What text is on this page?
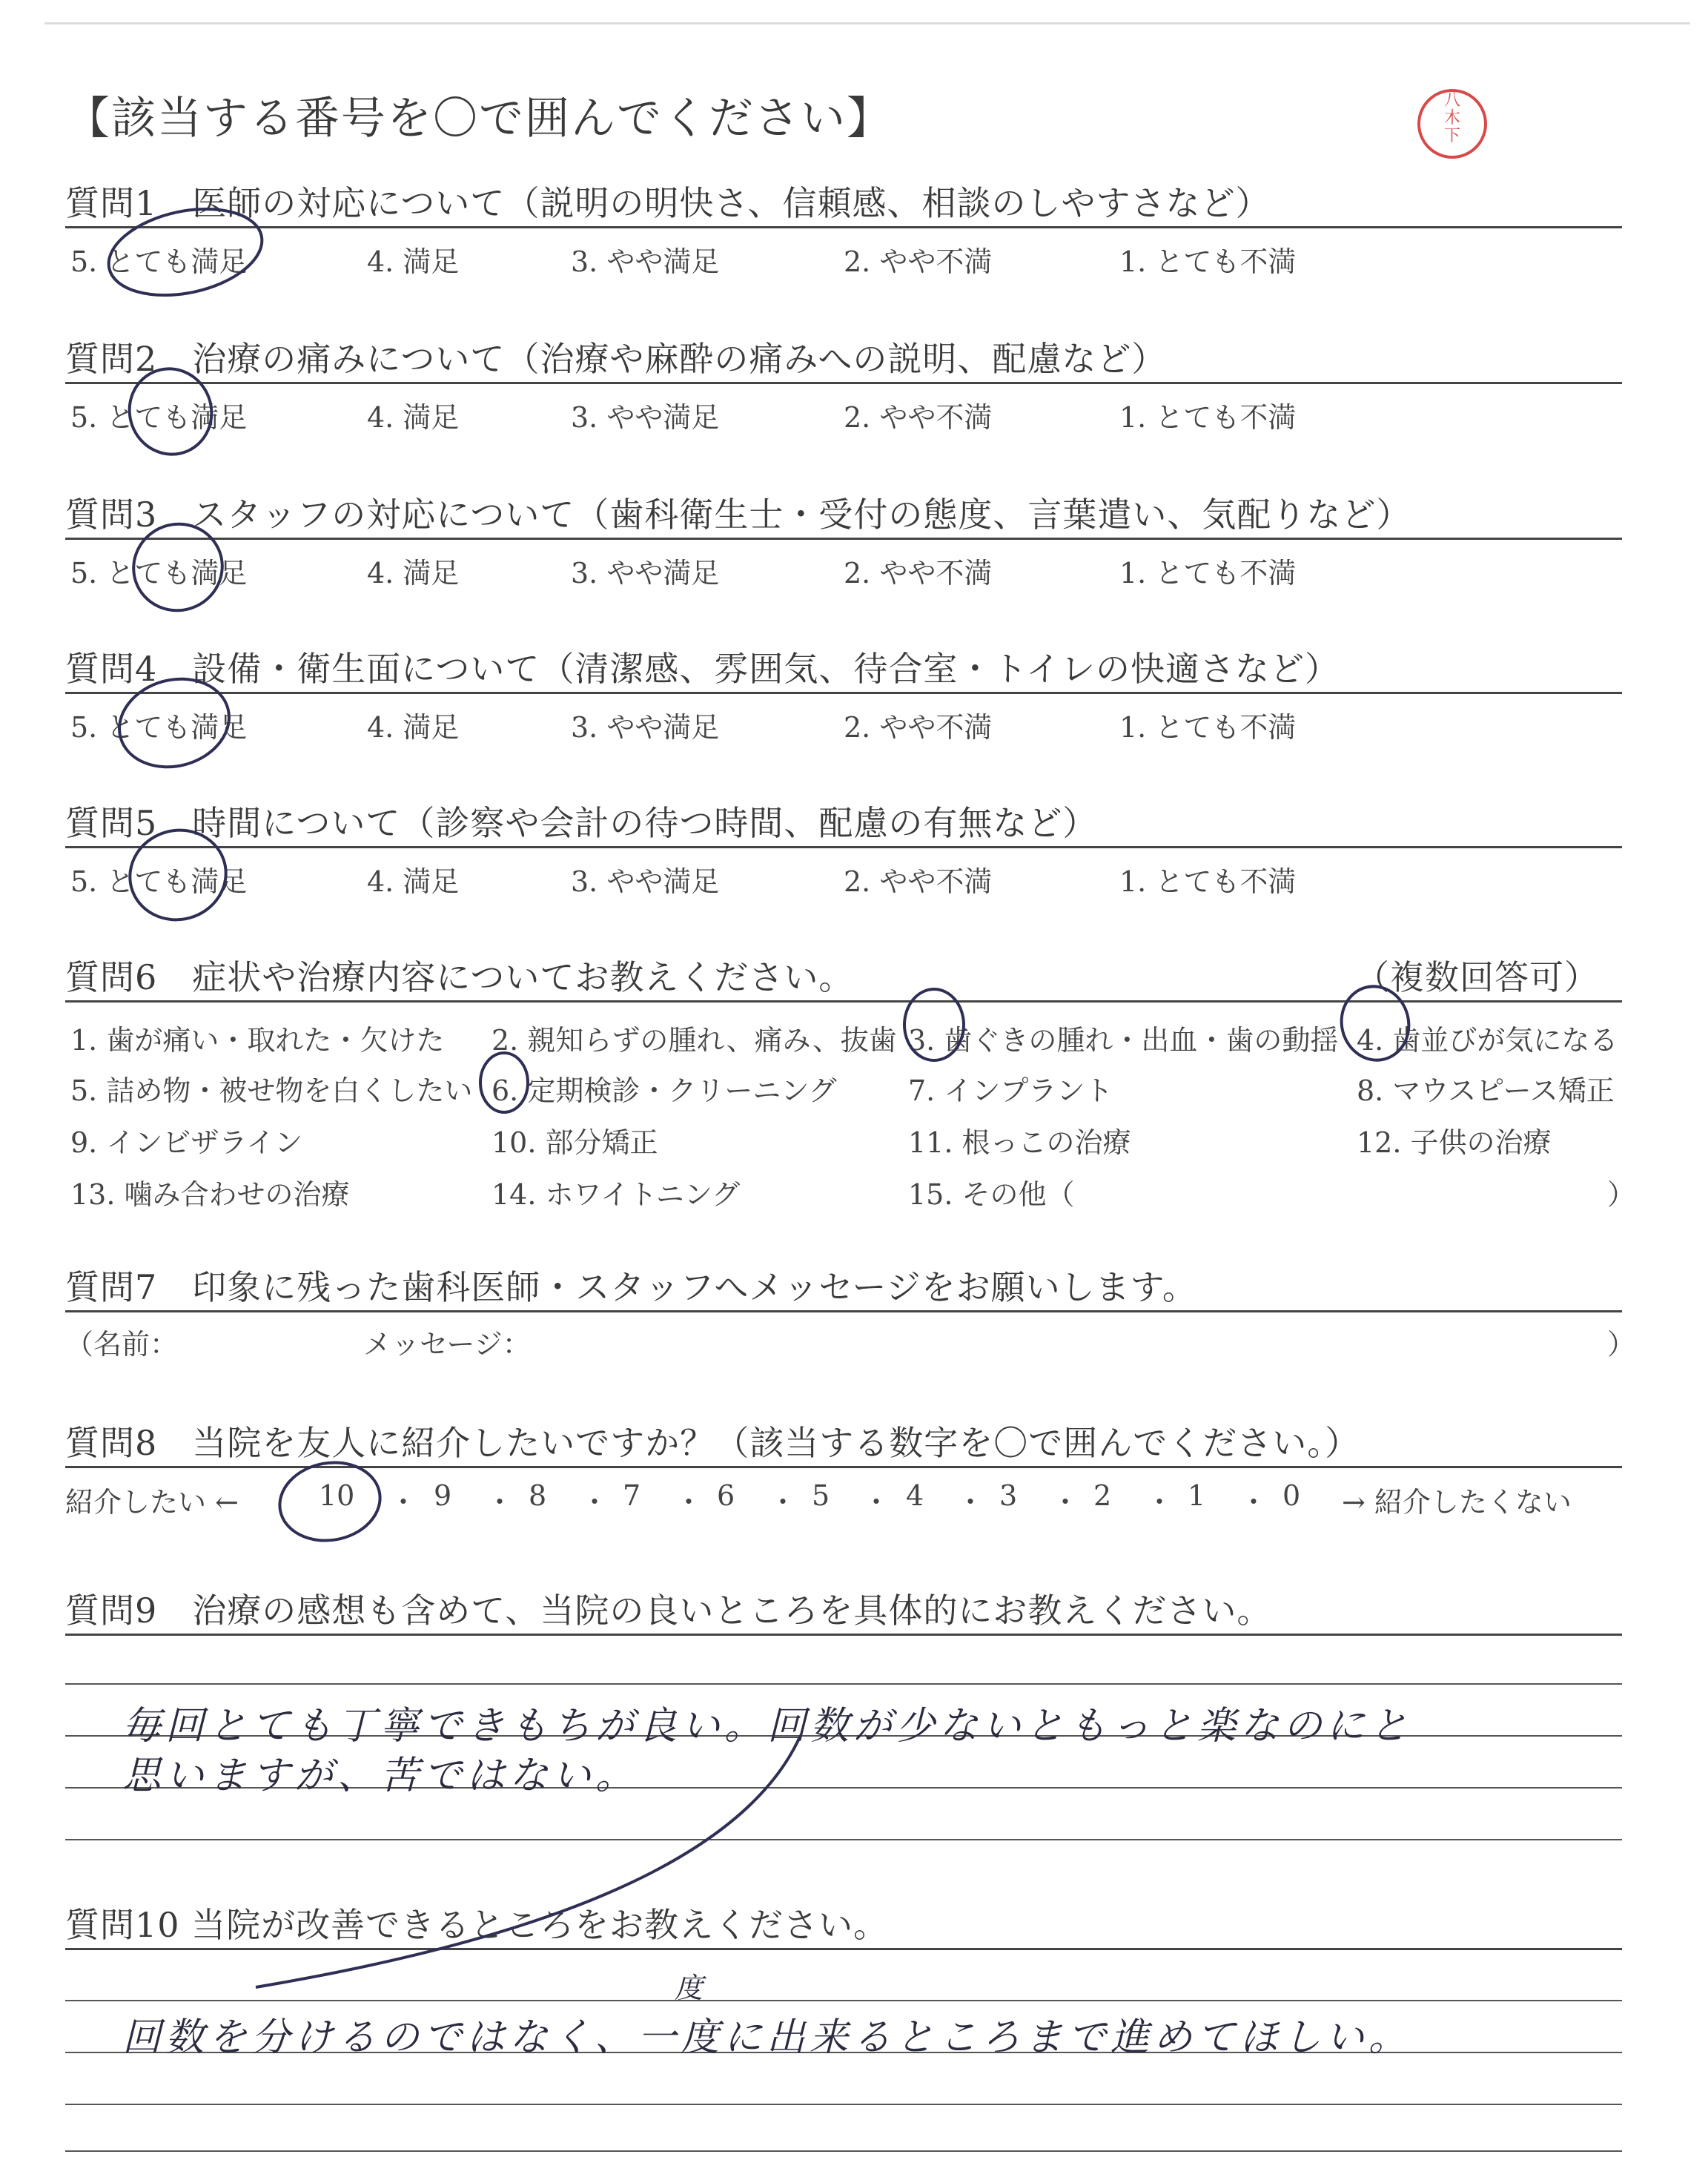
【該当する番号を〇で囲んでください】	八
木
下
質問1　医師の対応について（説明の明快さ、信頼感、相談のしやすさなど）
5. とても満足	4. 満足	3. やや満足	2. やや不満	1. とても不満
質問2　治療の痛みについて（治療や麻酔の痛みへの説明、配慮など）
5. とても満足	4. 満足	3. やや満足	2. やや不満	1. とても不満
質問3　スタッフの対応について（歯科衛生士・受付の態度、言葉遣い、気配りなど）
5. とても満足	4. 満足	3. やや満足	2. やや不満	1. とても不満
質問4　設備・衛生面について（清潔感、雰囲気、待合室・トイレの快適さなど）
5. とても満足	4. 満足	3. やや満足	2. やや不満	1. とても不満
質問5　時間について（診察や会計の待つ時間、配慮の有無など）
5. とても満足	4. 満足	3. やや満足	2. やや不満	1. とても不満
質問6　症状や治療内容についてお教えください。	（複数回答可）
1. 歯が痛い・取れた・欠けた 2. 親知らずの腫れ、痛み、抜歯 3. 歯ぐきの腫れ・出血・歯の動揺 4. 歯並びが気になる
5. 詰め物・被せ物を白くしたい 6. 定期検診・クリーニング	7. インプラント	8. マウスピース矯正
9. インビザライン	10. 部分矯正	11. 根っこの治療	12. 子供の治療
13. 噛み合わせの治療	14. ホワイトニング	15. その他（	）
質問7　印象に残った歯科医師・スタッフへメッセージをお願いします。
（名前：	メッセージ：	）
質問8　当院を友人に紹介したいですか？（該当する数字を〇で囲んでください。）
紹介したい ←	→ 紹介したくない
10 ・ 9 ・ 8 ・ 7 ・ 6 ・ 5 ・ 4 ・ 3 ・ 2 ・ 1 ・ 0
質問9　治療の感想も含めて、当院の良いところを具体的にお教えください。
毎回とても丁寧できもちが良い。回数が少ないともっと楽なのにと
思いますが、苦ではない。
質問10 当院が改善できるところをお教えください。
回数を分けるのではなく、一度に出来るところまで進めてほしい。
度
